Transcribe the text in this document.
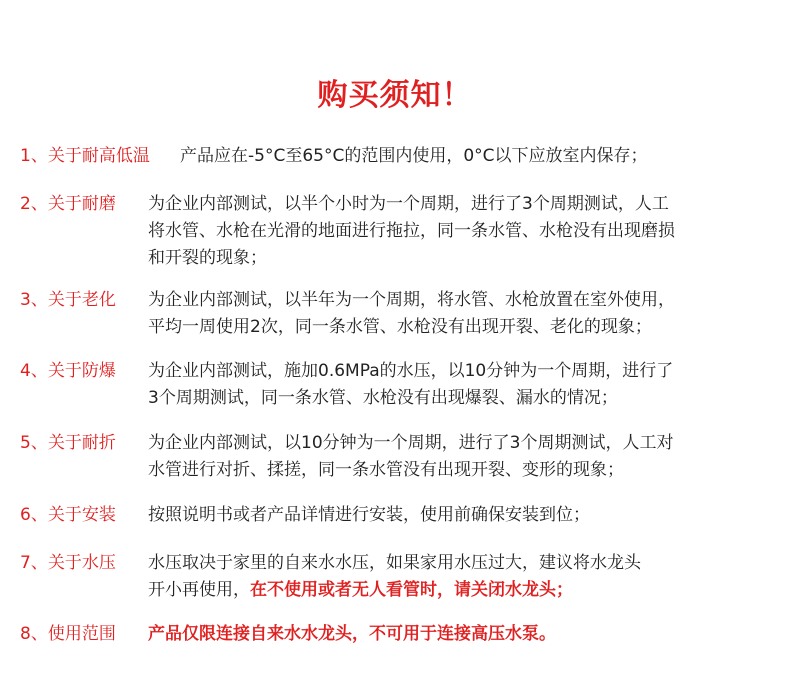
购买须知！
1、关于耐高低温 产品应在-5°C至65°C的范围内使用，0°C以下应放室内保存；
2、关于耐磨 为企业内部测试，以半个小时为一个周期，进行了3个周期测试，人工
将水管、水枪在光滑的地面进行拖拉，同一条水管、水枪没有出现磨损
和开裂的现象；
3、关于老化 为企业内部测试，以半年为一个周期，将水管、水枪放置在室外使用，
平均一周使用2次，同一条水管、水枪没有出现开裂、老化的现象；
4、关于防爆 为企业内部测试，施加0.6MPa的水压，以10分钟为一个周期，进行了
3个周期测试，同一条水管、水枪没有出现爆裂、漏水的情况；
5、关于耐折 为企业内部测试，以10分钟为一个周期，进行了3个周期测试，人工对
水管进行对折、揉搓，同一条水管没有出现开裂、变形的现象；
6、关于安装 按照说明书或者产品详情进行安装，使用前确保安装到位；
7、关于水压 水压取决于家里的自来水水压，如果家用水压过大，建议将水龙头
开小再使用，在不使用或者无人看管时，请关闭水龙头；
8、使用范围 产品仅限连接自来水水龙头，不可用于连接高压水泵。
